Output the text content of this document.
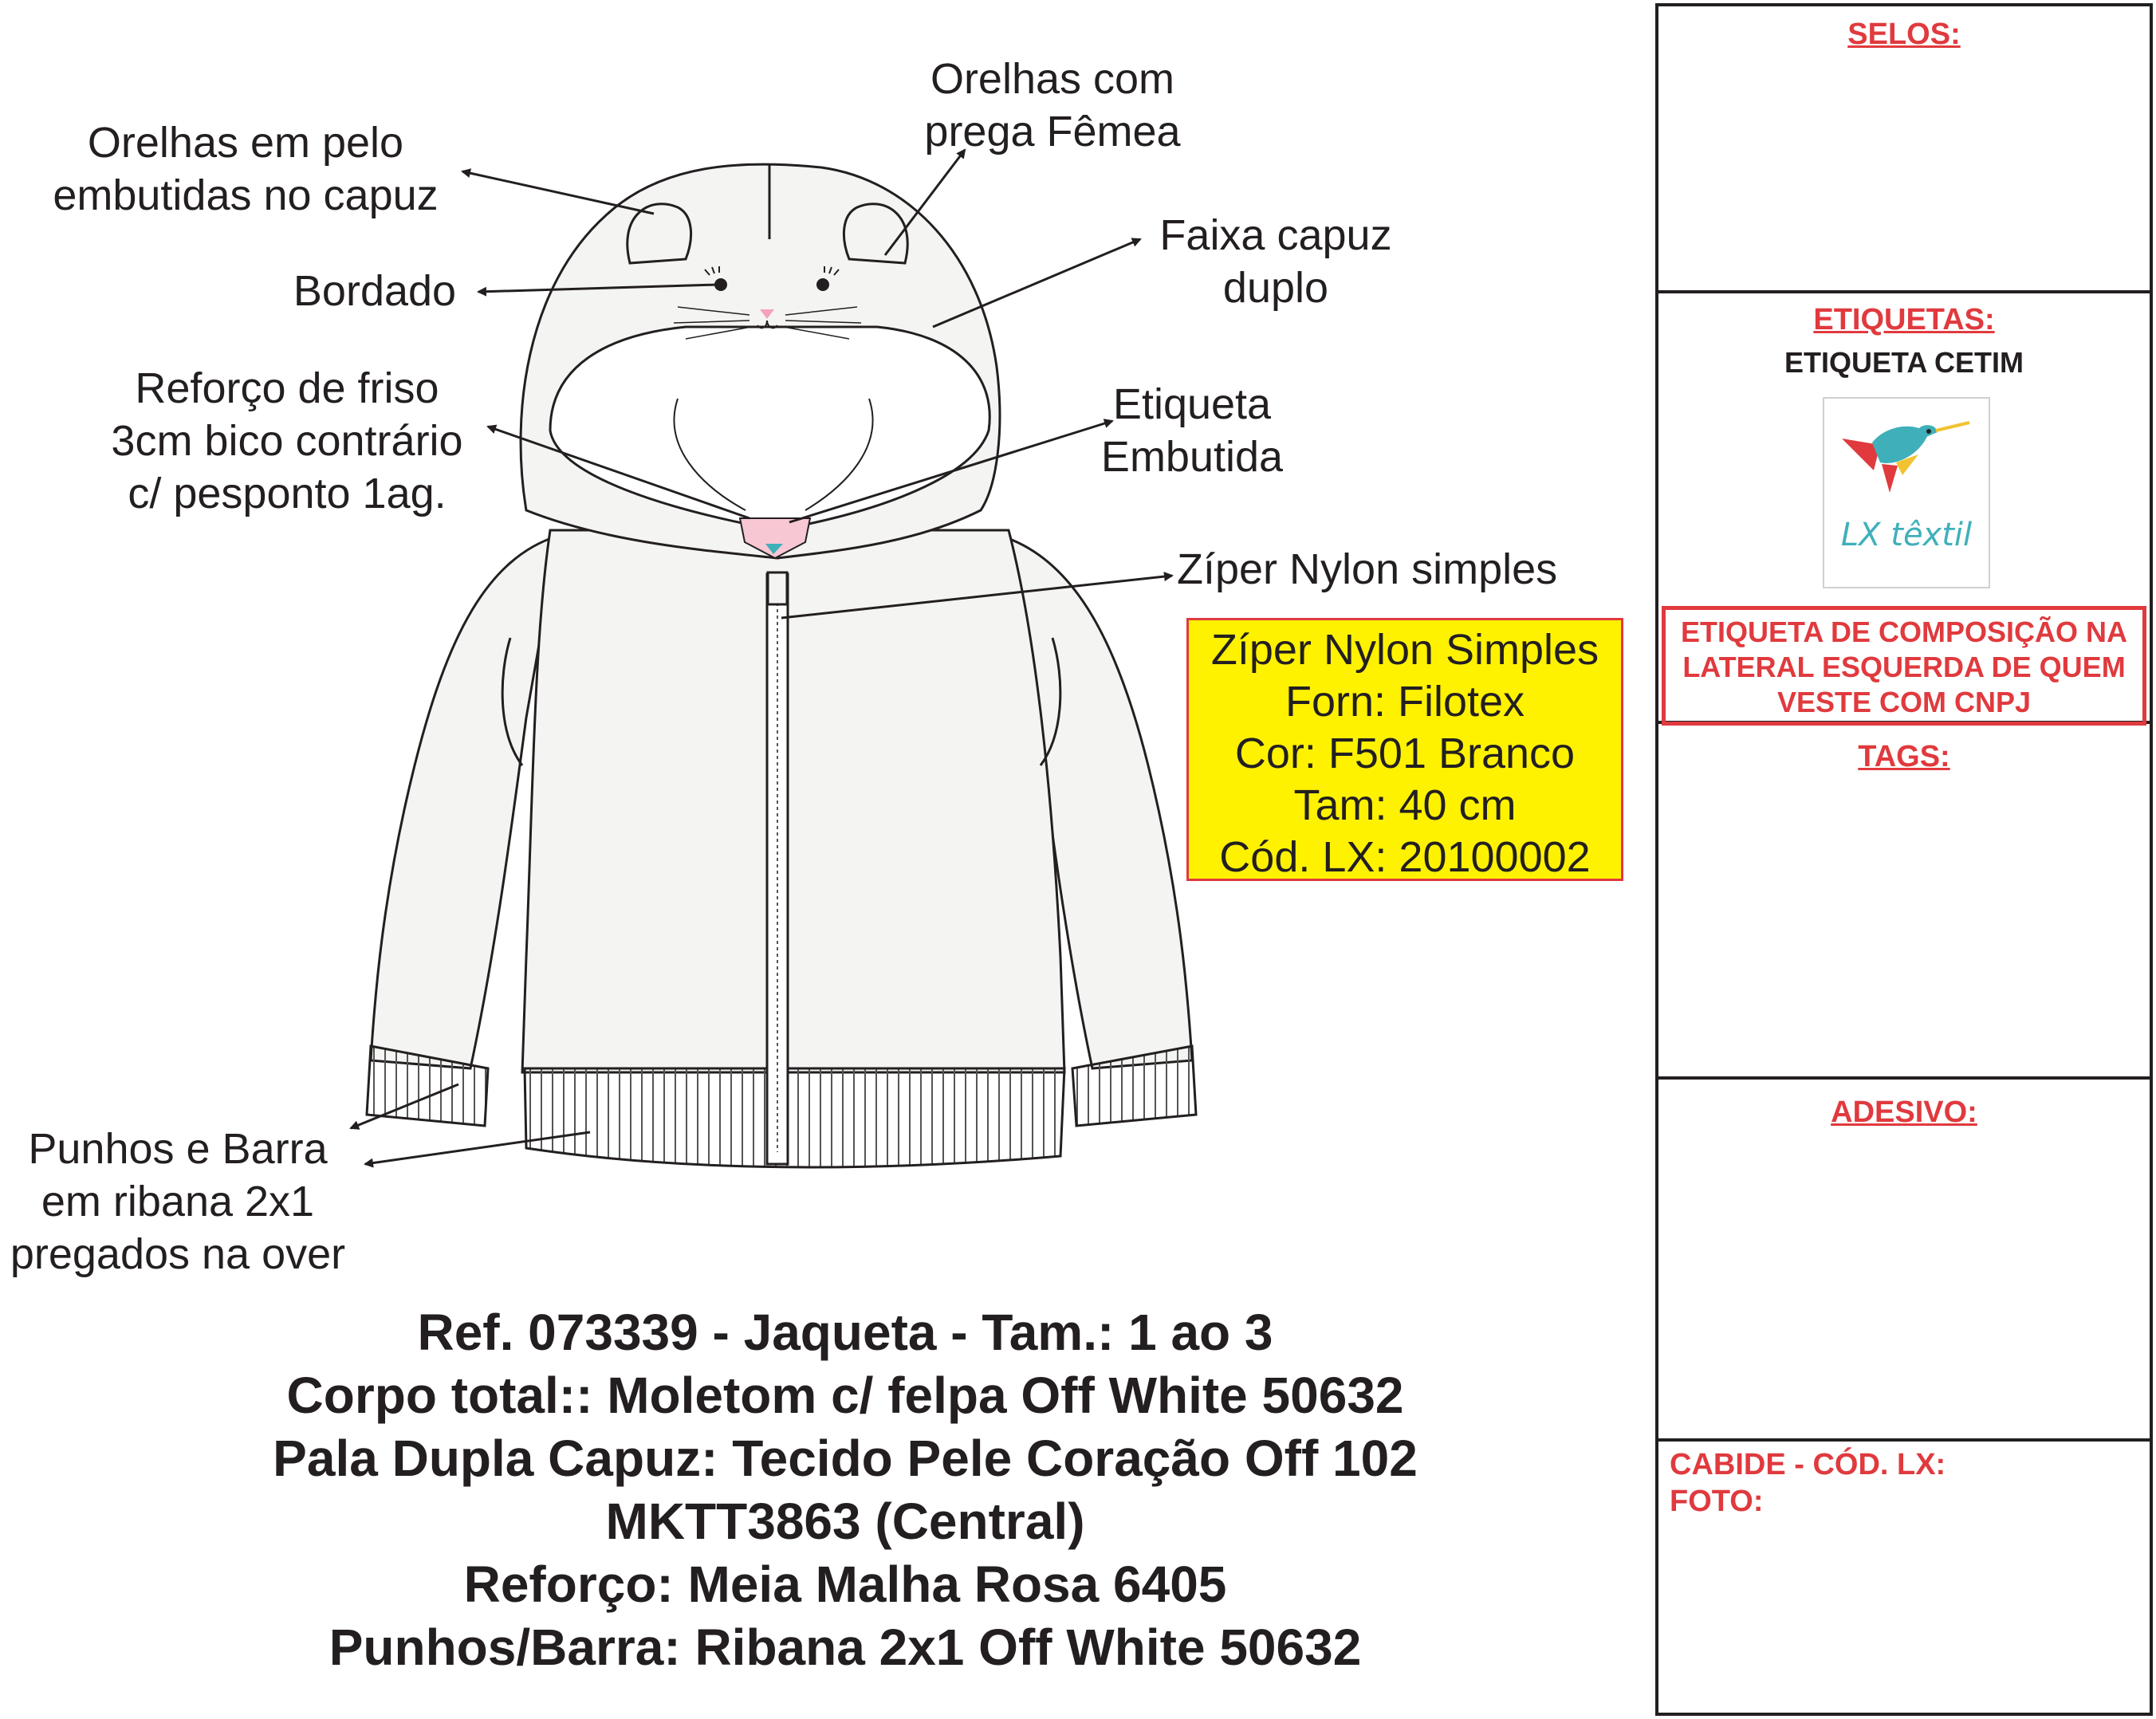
Orelhas em pelo
embutidas no capuz
Orelhas com
prega Fêmea
Bordado
Faixa capuz
duplo
Reforço de friso
3cm bico contrário
c/ pesponto 1ag.
Etiqueta
Embutida
Zíper Nylon simples
Punhos e Barra
em ribana 2x1
pregados na over
Zíper Nylon Simples
Forn: Filotex
Cor: F501 Branco
Tam: 40 cm
Cód. LX: 20100002
Ref. 073339 - Jaqueta - Tam.: 1 ao 3
Corpo total:: Moletom c/ felpa Off White 50632
Pala Dupla Capuz: Tecido Pele Coração Off 102
MKTT3863 (Central)
Reforço: Meia Malha Rosa 6405
Punhos/Barra: Ribana 2x1 Off White 50632
SELOS:
ETIQUETAS:
ETIQUETA CETIM
LX têxtil
ETIQUETA DE COMPOSIÇÃO NA
LATERAL ESQUERDA DE QUEM
VESTE COM CNPJ
TAGS:
ADESIVO:
CABIDE - CÓD. LX:
FOTO:
